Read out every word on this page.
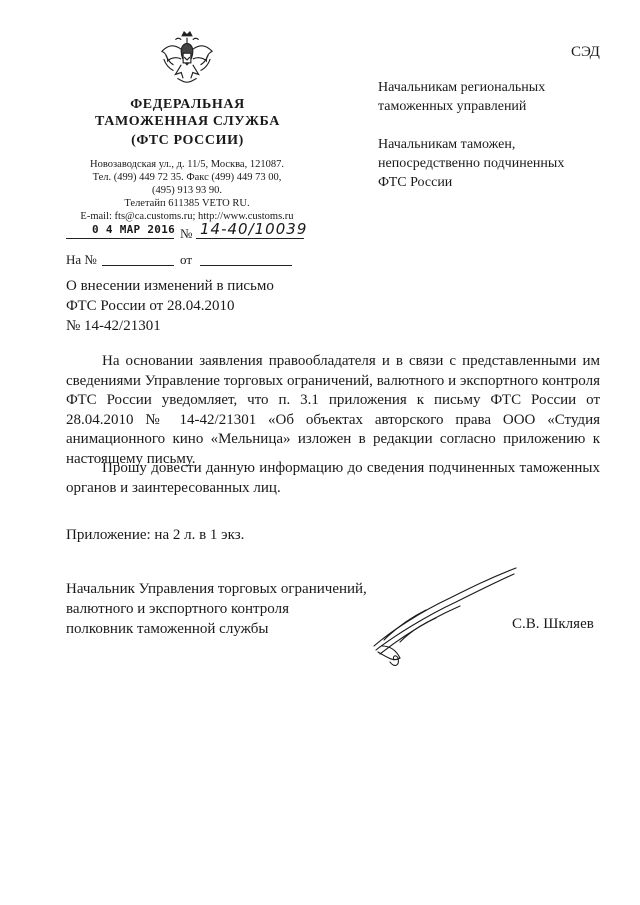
ФЕДЕРАЛЬНАЯ
ТАМОЖЕННАЯ СЛУЖБА
(ФТС РОССИИ)
Новозаводская ул., д. 11/5, Москва, 121087.
Тел. (499) 449 72 35. Факс (499) 449 73 00,
(495) 913 93 90.
Телетайп 611385 VETO RU.
E-mail: fts@ca.customs.ru; http://www.customs.ru
0 4 МАР 2016 № 14-40/10039
На №	от
СЭД
Начальникам региональных
таможенных управлений
Начальникам таможен,
непосредственно подчиненных
ФТС России
О внесении изменений в письмо
ФТС России от 28.04.2010
№ 14-42/21301

На основании заявления правообладателя и в связи с представленными им сведениями Управление торговых ограничений, валютного и экспортного контроля ФТС России уведомляет, что п. 3.1 приложения к письму ФТС России от 28.04.2010 № 14-42/21301 «Об объектах авторского права ООО «Студия анимационного кино «Мельница» изложен в редакции согласно приложению к настоящему письму.

Прошу довести данную информацию до сведения подчиненных таможенных органов и заинтересованных лиц.

Приложение: на 2 л. в 1 экз.
Начальник Управления торговых ограничений,
валютного и экспортного контроля
полковник таможенной службы	С.В. Шкляев
